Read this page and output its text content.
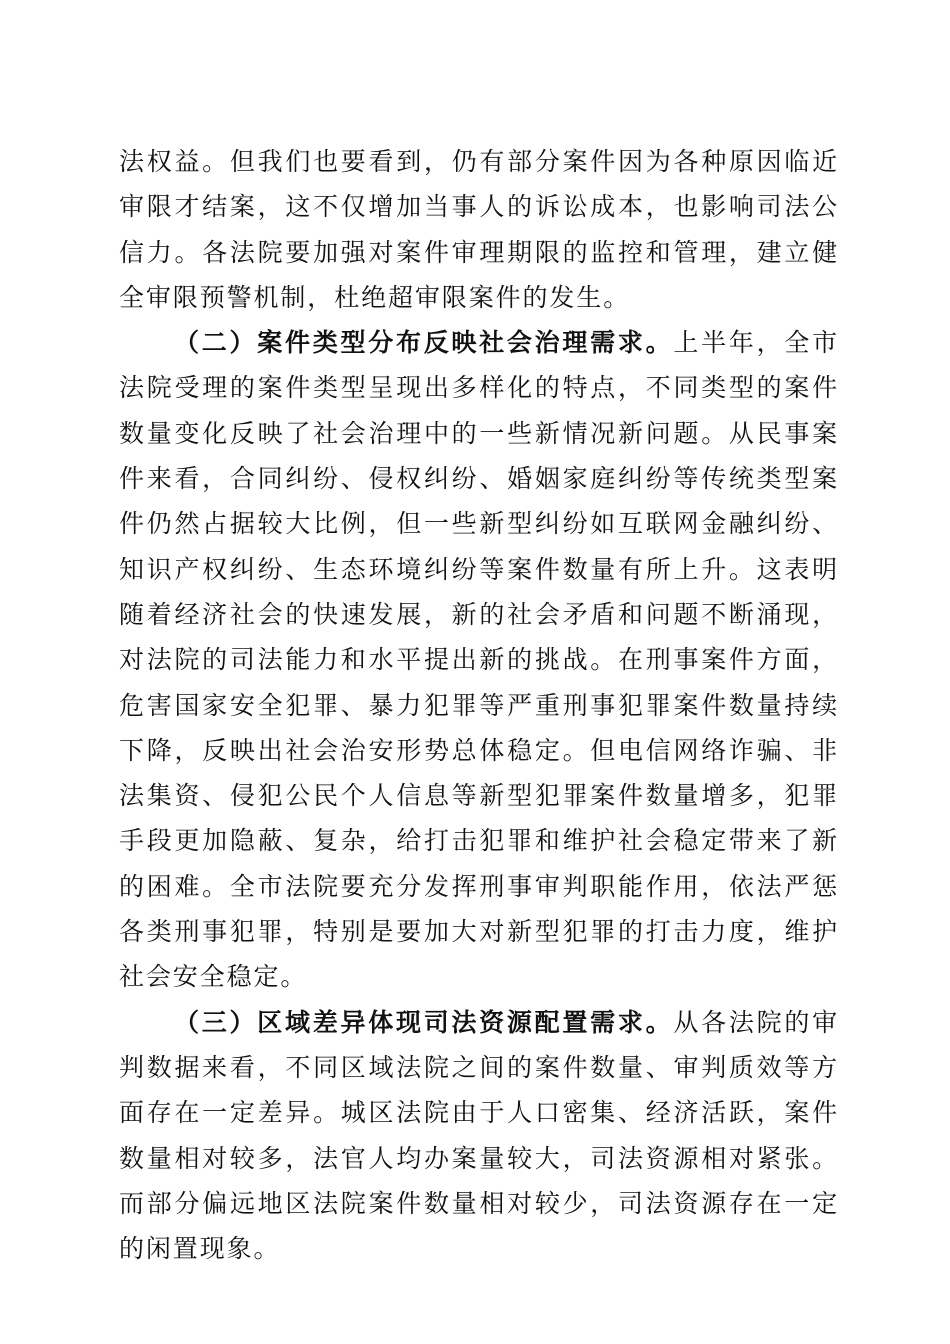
法权益。但我们也要看到，仍有部分案件因为各种原因临近审限才结案，这不仅增加当事人的诉讼成本，也影响司法公信力。各法院要加强对案件审理期限的监控和管理，建立健全审限预警机制，杜绝超审限案件的发生。

（二）案件类型分布反映社会治理需求。上半年，全市法院受理的案件类型呈现出多样化的特点，不同类型的案件数量变化反映了社会治理中的一些新情况新问题。从民事案件来看，合同纠纷、侵权纠纷、婚姻家庭纠纷等传统类型案件仍然占据较大比例，但一些新型纠纷如互联网金融纠纷、知识产权纠纷、生态环境纠纷等案件数量有所上升。这表明随着经济社会的快速发展，新的社会矛盾和问题不断涌现，对法院的司法能力和水平提出新的挑战。在刑事案件方面，危害国家安全犯罪、暴力犯罪等严重刑事犯罪案件数量持续下降，反映出社会治安形势总体稳定。但电信网络诈骗、非法集资、侵犯公民个人信息等新型犯罪案件数量增多，犯罪手段更加隐蔽、复杂，给打击犯罪和维护社会稳定带来了新的困难。全市法院要充分发挥刑事审判职能作用，依法严惩各类刑事犯罪，特别是要加大对新型犯罪的打击力度，维护社会安全稳定。

（三）区域差异体现司法资源配置需求。从各法院的审判数据来看，不同区域法院之间的案件数量、审判质效等方面存在一定差异。城区法院由于人口密集、经济活跃，案件数量相对较多，法官人均办案量较大，司法资源相对紧张。而部分偏远地区法院案件数量相对较少，司法资源存在一定的闲置现象。
